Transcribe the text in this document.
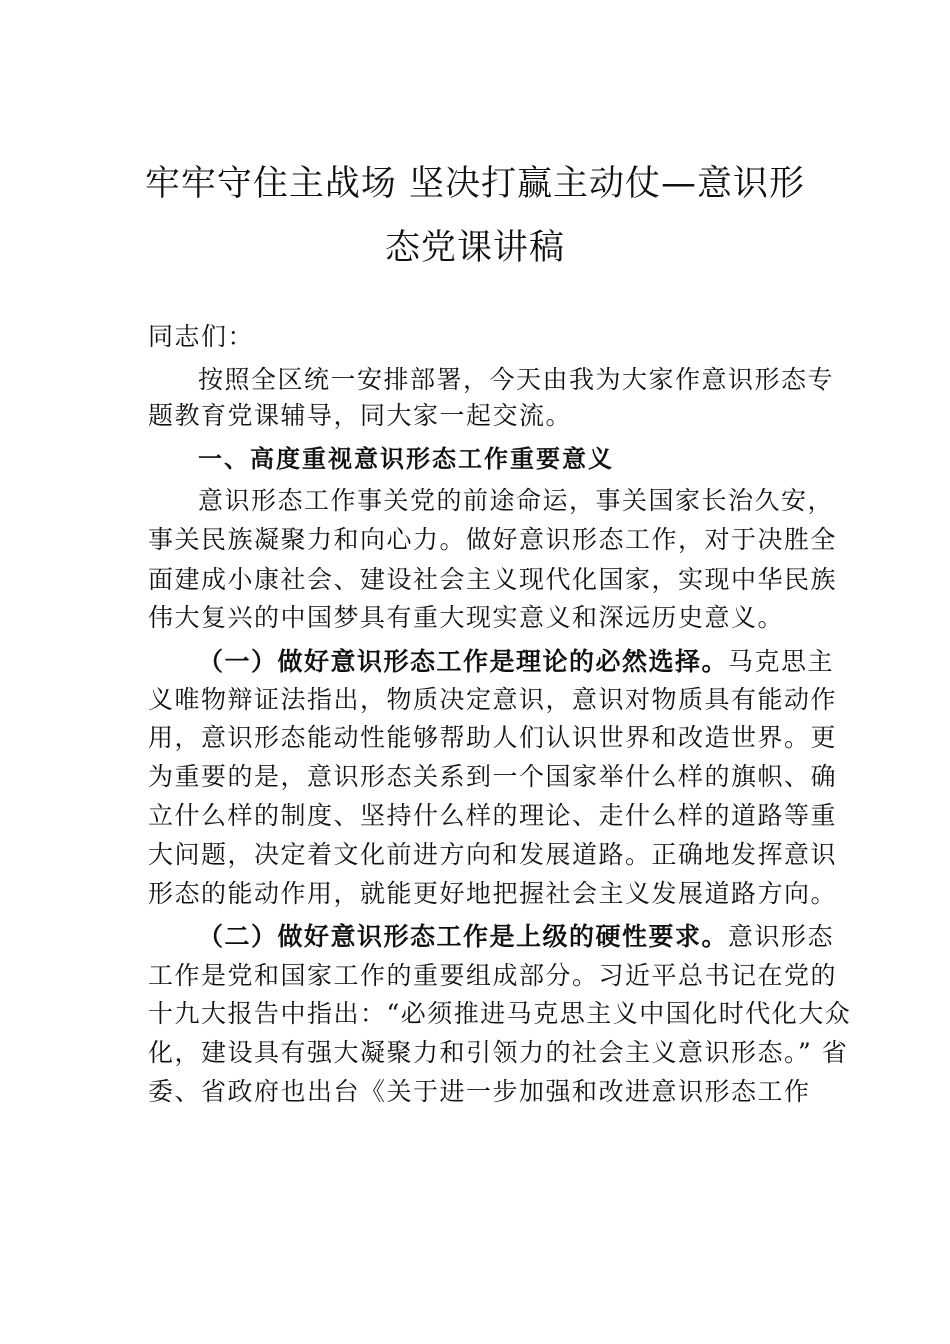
牢牢守住主战场 坚决打赢主动仗—意识形
态党课讲稿

同志们：

按照全区统一安排部署，今天由我为大家作意识形态专

题教育党课辅导，同大家一起交流。

一、高度重视意识形态工作重要意义

意识形态工作事关党的前途命运，事关国家长治久安，

事关民族凝聚力和向心力。做好意识形态工作，对于决胜全

面建成小康社会、建设社会主义现代化国家，实现中华民族

伟大复兴的中国梦具有重大现实意义和深远历史意义。

（一）做好意识形态工作是理论的必然选择。马克思主

义唯物辩证法指出，物质决定意识，意识对物质具有能动作

用，意识形态能动性能够帮助人们认识世界和改造世界。更

为重要的是，意识形态关系到一个国家举什么样的旗帜、确

立什么样的制度、坚持什么样的理论、走什么样的道路等重

大问题，决定着文化前进方向和发展道路。正确地发挥意识

形态的能动作用，就能更好地把握社会主义发展道路方向。

（二）做好意识形态工作是上级的硬性要求。意识形态

工作是党和国家工作的重要组成部分。习近平总书记在党的

十九大报告中指出：“必须推进马克思主义中国化时代化大众

化，建设具有强大凝聚力和引领力的社会主义意识形态。” 省

委、省政府也出台《关于进一步加强和改进意识形态工作
